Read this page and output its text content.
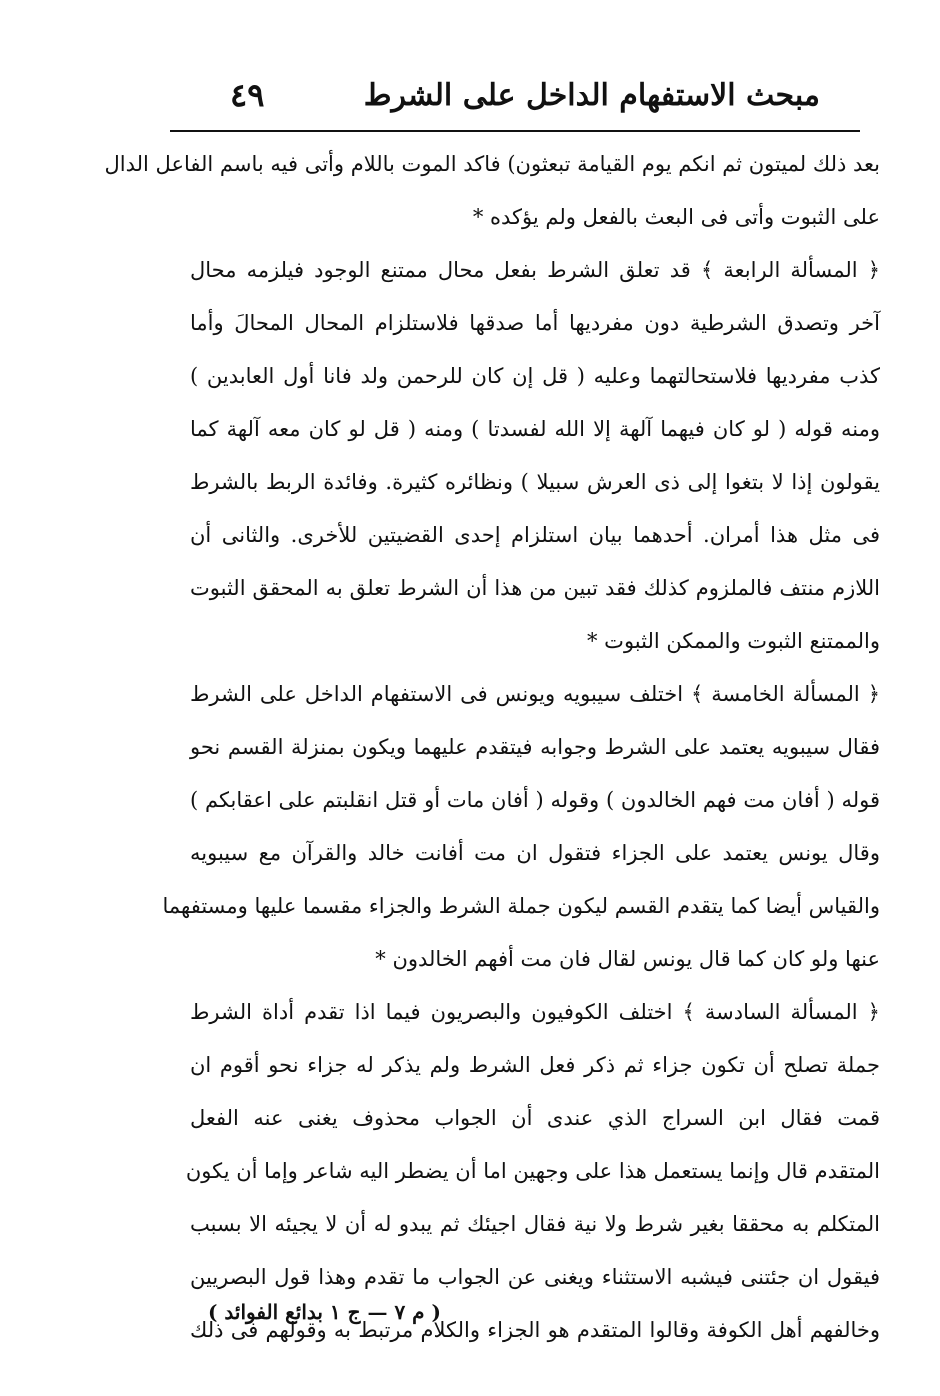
مبحث الاستفهام الداخل على الشرط
٤٩
بعد ذلك لميتون ثم انكم يوم القيامة تبعثون) فاكد الموت باللام وأتى فيه باسم الفاعل الدال
على الثبوت وأتى فى البعث بالفعل ولم يؤكده *
﴿ المسألة الرابعة ﴾ قد تعلق الشرط بفعل محال ممتنع الوجود فيلزمه محال
آخر وتصدق الشرطية دون مفرديها أما صدقها فلاستلزام المحال المحالَ وأما
كذب مفرديها فلاستحالتهما وعليه ( قل إن كان للرحمن ولد فانا أول العابدين )
ومنه قوله ( لو كان فيهما آلهة إلا الله لفسدتا ) ومنه ( قل لو كان معه آلهة كما
يقولون إذا لا بتغوا إلى ذى العرش سبيلا ) ونظائره كثيرة. وفائدة الربط بالشرط
فى مثل هذا أمران. أحدهما بيان استلزام إحدى القضيتين للأخرى. والثانى أن
اللازم منتف فالملزوم كذلك فقد تبين من هذا أن الشرط تعلق به المحقق الثبوت
والممتنع الثبوت والممكن الثبوت *
﴿ المسألة الخامسة ﴾ اختلف سيبويه ويونس فى الاستفهام الداخل على الشرط
فقال سيبويه يعتمد على الشرط وجوابه فيتقدم عليهما ويكون بمنزلة القسم نحو
قوله ( أفان مت فهم الخالدون ) وقوله ( أفان مات أو قتل انقلبتم على اعقابكم )
وقال يونس يعتمد على الجزاء فتقول ان مت أفانت خالد والقرآن مع سيبويه
والقياس أيضا كما يتقدم القسم ليكون جملة الشرط والجزاء مقسما عليها ومستفهما
عنها ولو كان كما قال يونس لقال فان مت أفهم الخالدون *
﴿ المسألة السادسة ﴾ اختلف الكوفيون والبصريون فيما اذا تقدم أداة الشرط
جملة تصلح أن تكون جزاء ثم ذكر فعل الشرط ولم يذكر له جزاء نحو أقوم ان
قمت فقال ابن السراج الذي عندى أن الجواب محذوف يغنى عنه الفعل
المتقدم قال وإنما يستعمل هذا على وجهين اما أن يضطر اليه شاعر وإما أن يكون
المتكلم به محققا بغير شرط ولا نية فقال اجيئك ثم يبدو له أن لا يجيئه الا بسبب
فيقول ان جئتنى فيشبه الاستثناء ويغنى عن الجواب ما تقدم وهذا قول البصريين
وخالفهم أهل الكوفة وقالوا المتقدم هو الجزاء والكلام مرتبط به وقولهم فى ذلك
( م ٧ — ج ١ بدائع الفوائد )
